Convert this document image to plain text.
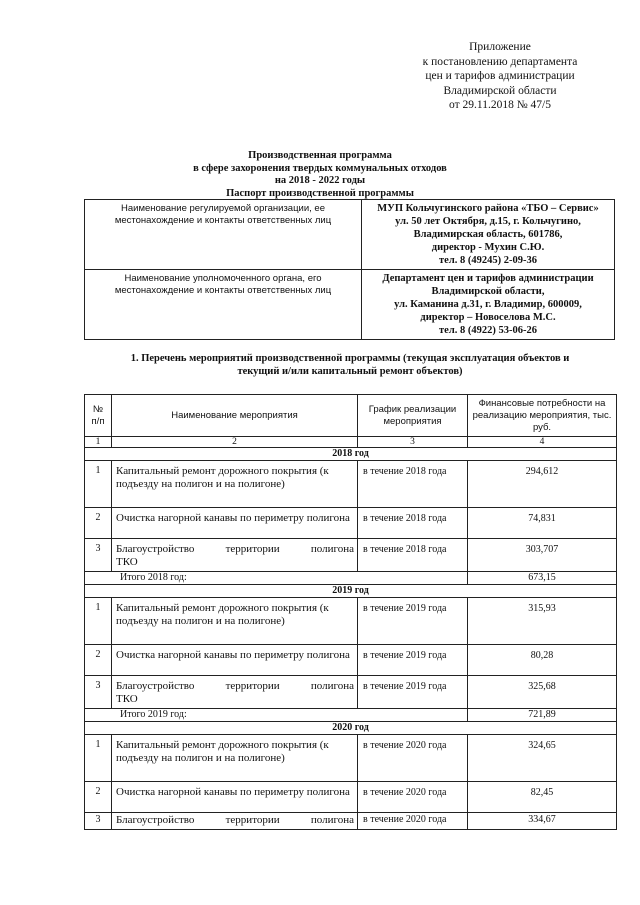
Приложение
к постановлению департамента
цен и тарифов администрации
Владимирской области
от 29.11.2018 № 47/5
Производственная программа
в сфере захоронения твердых коммунальных отходов
на 2018 - 2022 годы
Паспорт производственной программы
Наименование регулируемой организации, ее местонахождение и контакты ответственных лиц	МУП Кольчугинского района «ТБО – Сервис»
ул. 50 лет Октября, д.15, г. Кольчугино,
Владимирская область, 601786,
директор - Мухин С.Ю.
тел. 8 (49245) 2-09-36

Наименование уполномоченного органа, его местонахождение и контакты ответственных лиц	Департамент цен и тарифов администрации
Владимирской области,
ул. Каманина д.31, г. Владимир, 600009,
директор – Новоселова М.С.
тел. 8 (4922) 53-06-26
1. Перечень мероприятий производственной программы (текущая эксплуатация объектов и
текущий и/или капитальный ремонт объектов)
№ п/п	Наименование мероприятия	График реализации мероприятия	Финансовые потребности на реализацию мероприятия, тыс. руб.
1	2	3	4
2018 год			
1	Капитальный ремонт дорожного покрытия (к подъезду на полигон и на полигоне)	в течение 2018 года	294,612
2	Очистка нагорной канавы по периметру полигона	в течение 2018 года	74,831
3	Благоустройство территории полигона
ТКО	в течение 2018 года	303,707
Итого 2018 год:			673,15
2019 год			
1	Капитальный ремонт дорожного покрытия (к подъезду на полигон и на полигоне)	в течение 2019 года	315,93
2	Очистка нагорной канавы по периметру полигона	в течение 2019 года	80,28
3	Благоустройство территории полигона
ТКО	в течение 2019 года	325,68
Итого 2019 год:			721,89
2020 год			
1	Капитальный ремонт дорожного покрытия (к подъезду на полигон и на полигоне)	в течение 2020 года	324,65
2	Очистка нагорной канавы по периметру полигона	в течение 2020 года	82,45
3	Благоустройство территории полигона	в течение 2020 года	334,67
